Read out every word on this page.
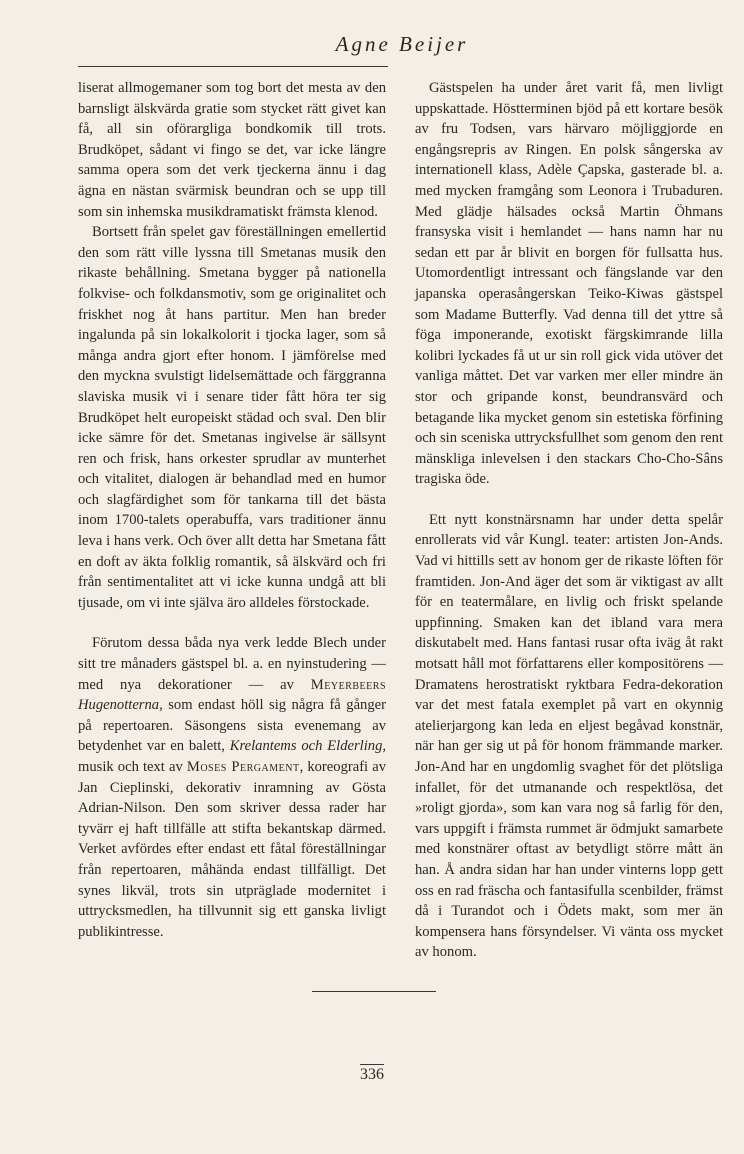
Agne Beijer

liserat allmogemaner som tog bort det mesta av den barnsligt älskvärda gratie som stycket rätt givet kan få, all sin oförargliga bondkomik till trots. Brudköpet, sådant vi fingo se det, var icke längre samma opera som det verk tjeckerna ännu i dag ägna en nästan svärmisk beundran och se upp till som sin inhemska musikdramatiskt främsta klenod.

Bortsett från spelet gav föreställningen emellertid den som rätt ville lyssna till Smetanas musik den rikaste behållning. Smetana bygger på nationella folkvise- och folkdansmotiv, som ge originalitet och friskhet nog åt hans partitur. Men han breder ingalunda på sin lokalkolorit i tjocka lager, som så många andra gjort efter honom. I jämförelse med den myckna svulstigt lidelsemättade och färggranna slaviska musik vi i senare tider fått höra ter sig Brudköpet helt europeiskt städad och sval. Den blir icke sämre för det. Smetanas ingivelse är sällsynt ren och frisk, hans orkester sprudlar av munterhet och vitalitet, dialogen är behandlad med en humor och slagfärdighet som för tankarna till det bästa inom 1700-talets operabuffa, vars traditioner ännu leva i hans verk. Och över allt detta har Smetana fått en doft av äkta folklig romantik, så älskvärd och fri från sentimentalitet att vi icke kunna undgå att bli tjusade, om vi inte själva äro alldeles förstockade.

Förutom dessa båda nya verk ledde Blech under sitt tre månaders gästspel bl. a. en nyinstudering — med nya dekorationer — av Meyerbeers Hugenotterna, som endast höll sig några få gånger på repertoaren. Säsongens sista evenemang av betydenhet var en balett, Krelantems och Elderling, musik och text av Moses Pergament, koreografi av Jan Cieplinski, dekorativ inramning av Gösta Adrian-Nilson. Den som skriver dessa rader har tyvärr ej haft tillfälle att stifta bekantskap därmed. Verket avfördes efter endast ett fåtal föreställningar från repertoaren, måhända endast tillfälligt. Det synes likväl, trots sin utpräglade modernitet i uttrycksmedlen, ha tillvunnit sig ett ganska livligt publikintresse.

Gästspelen ha under året varit få, men livligt uppskattade. Höstterminen bjöd på ett kortare besök av fru Todsen, vars härvaro möjliggjorde en engångsrepris av Ringen. En polsk sångerska av internationell klass, Adèle Çapska, gasterade bl. a. med mycken framgång som Leonora i Trubaduren. Med glädje hälsades också Martin Öhmans fransyska visit i hemlandet — hans namn har nu sedan ett par år blivit en borgen för fullsatta hus. Utomordentligt intressant och fängslande var den japanska operasångerskan Teiko-Kiwas gästspel som Madame Butterfly. Vad denna till det yttre så föga imponerande, exotiskt färgskimrande lilla kolibri lyckades få ut ur sin roll gick vida utöver det vanliga måttet. Det var varken mer eller mindre än stor och gripande konst, beundransvärd och betagande lika mycket genom sin estetiska förfining och sin sceniska uttrycksfullhet som genom den rent mänskliga inlevelsen i den stackars Cho-Cho-Sâns tragiska öde.

Ett nytt konstnärsnamn har under detta spelår enrollerats vid vår Kungl. teater: artisten Jon-Ands. Vad vi hittills sett av honom ger de rikaste löften för framtiden. Jon-And äger det som är viktigast av allt för en teatermålare, en livlig och friskt spelande uppfinning. Smaken kan det ibland vara mera diskutabelt med. Hans fantasi rusar ofta iväg åt rakt motsatt håll mot författarens eller kompositörens — Dramatens herostratiskt ryktbara Fedra-dekoration var det mest fatala exemplet på vart en okynnig atelierjargong kan leda en eljest begåvad konstnär, när han ger sig ut på för honom främmande marker. Jon-And har en ungdomlig svaghet för det plötsliga infallet, för det utmanande och respektlösa, det »roligt gjorda», som kan vara nog så farlig för den, vars uppgift i främsta rummet är ödmjukt samarbete med konstnärer oftast av betydligt större mått än han. Å andra sidan har han under vinterns lopp gett oss en rad fräscha och fantasifulla scenbilder, främst då i Turandot och i Ödets makt, som mer än kompensera hans försyndelser. Vi vänta oss mycket av honom.

336
